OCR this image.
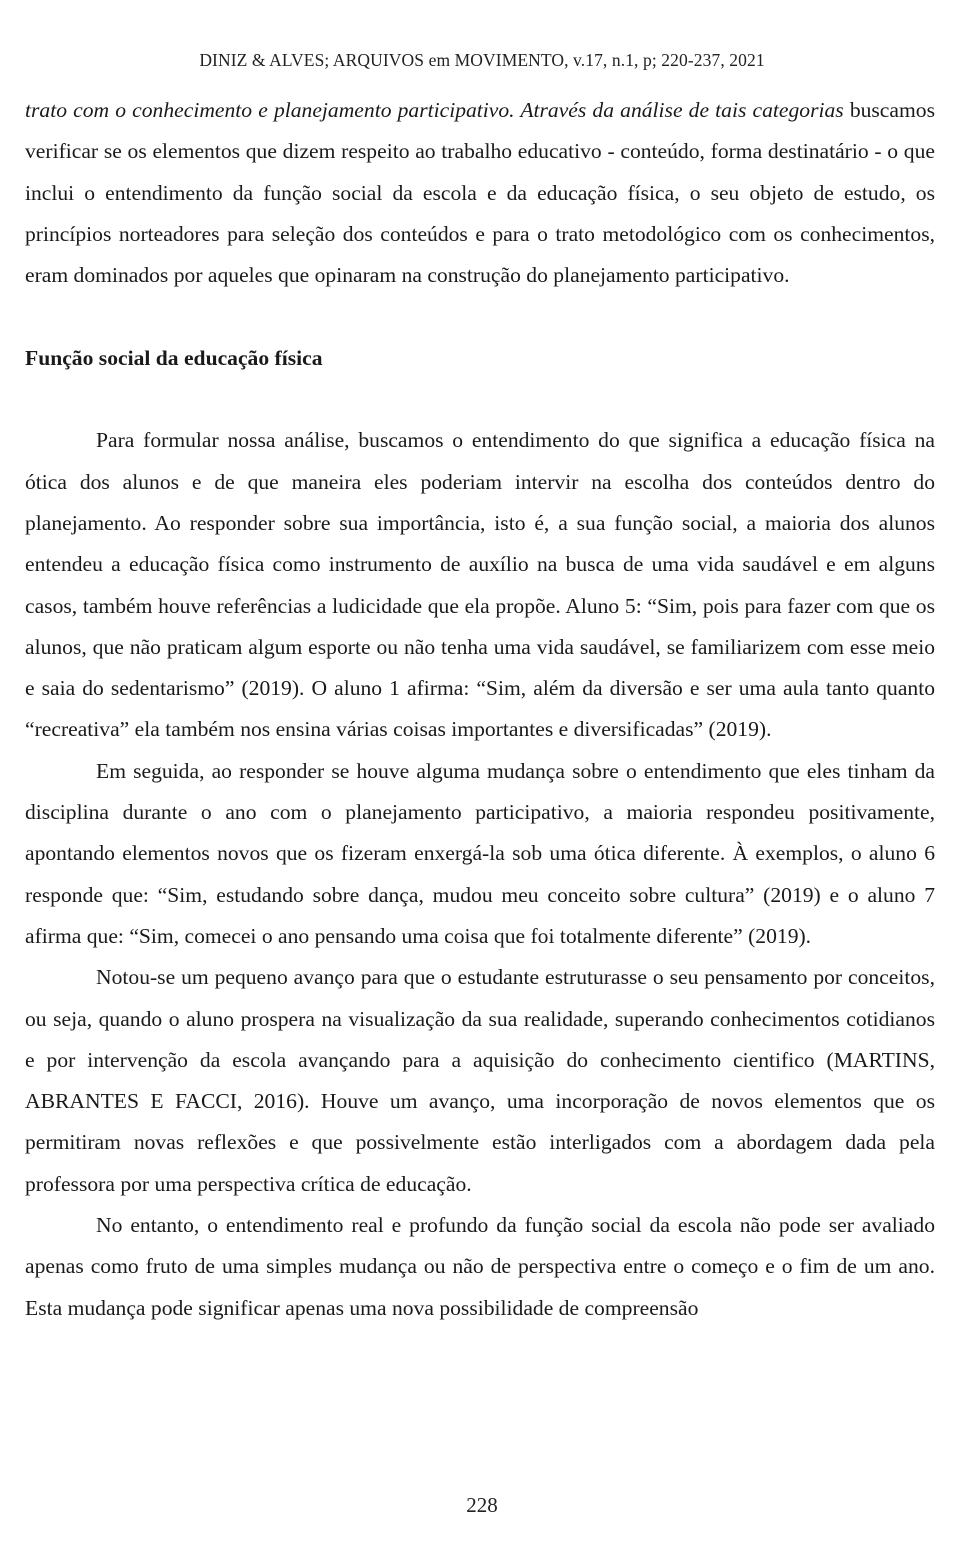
DINIZ & ALVES; ARQUIVOS em MOVIMENTO, v.17, n.1, p; 220-237, 2021

trato com o conhecimento e planejamento participativo. Através da análise de tais categorias buscamos verificar se os elementos que dizem respeito ao trabalho educativo - conteúdo, forma destinatário - o que inclui o entendimento da função social da escola e da educação física, o seu objeto de estudo, os princípios norteadores para seleção dos conteúdos e para o trato metodológico com os conhecimentos, eram dominados por aqueles que opinaram na construção do planejamento participativo.

Função social da educação física

Para formular nossa análise, buscamos o entendimento do que significa a educação física na ótica dos alunos e de que maneira eles poderiam intervir na escolha dos conteúdos dentro do planejamento. Ao responder sobre sua importância, isto é, a sua função social, a maioria dos alunos entendeu a educação física como instrumento de auxílio na busca de uma vida saudável e em alguns casos, também houve referências a ludicidade que ela propõe. Aluno 5: “Sim, pois para fazer com que os alunos, que não praticam algum esporte ou não tenha uma vida saudável, se familiarizem com esse meio e saia do sedentarismo” (2019). O aluno 1 afirma: “Sim, além da diversão e ser uma aula tanto quanto “recreativa” ela também nos ensina várias coisas importantes e diversificadas” (2019).

Em seguida, ao responder se houve alguma mudança sobre o entendimento que eles tinham da disciplina durante o ano com o planejamento participativo, a maioria respondeu positivamente, apontando elementos novos que os fizeram enxergá-la sob uma ótica diferente. À exemplos, o aluno 6 responde que: “Sim, estudando sobre dança, mudou meu conceito sobre cultura” (2019) e o aluno 7 afirma que: “Sim, comecei o ano pensando uma coisa que foi totalmente diferente” (2019).

Notou-se um pequeno avanço para que o estudante estruturasse o seu pensamento por conceitos, ou seja, quando o aluno prospera na visualização da sua realidade, superando conhecimentos cotidianos e por intervenção da escola avançando para a aquisição do conhecimento cientifico (MARTINS, ABRANTES E FACCI, 2016). Houve um avanço, uma incorporação de novos elementos que os permitiram novas reflexões e que possivelmente estão interligados com a abordagem dada pela professora por uma perspectiva crítica de educação.

No entanto, o entendimento real e profundo da função social da escola não pode ser avaliado apenas como fruto de uma simples mudança ou não de perspectiva entre o começo e o fim de um ano. Esta mudança pode significar apenas uma nova possibilidade de compreensão

228
